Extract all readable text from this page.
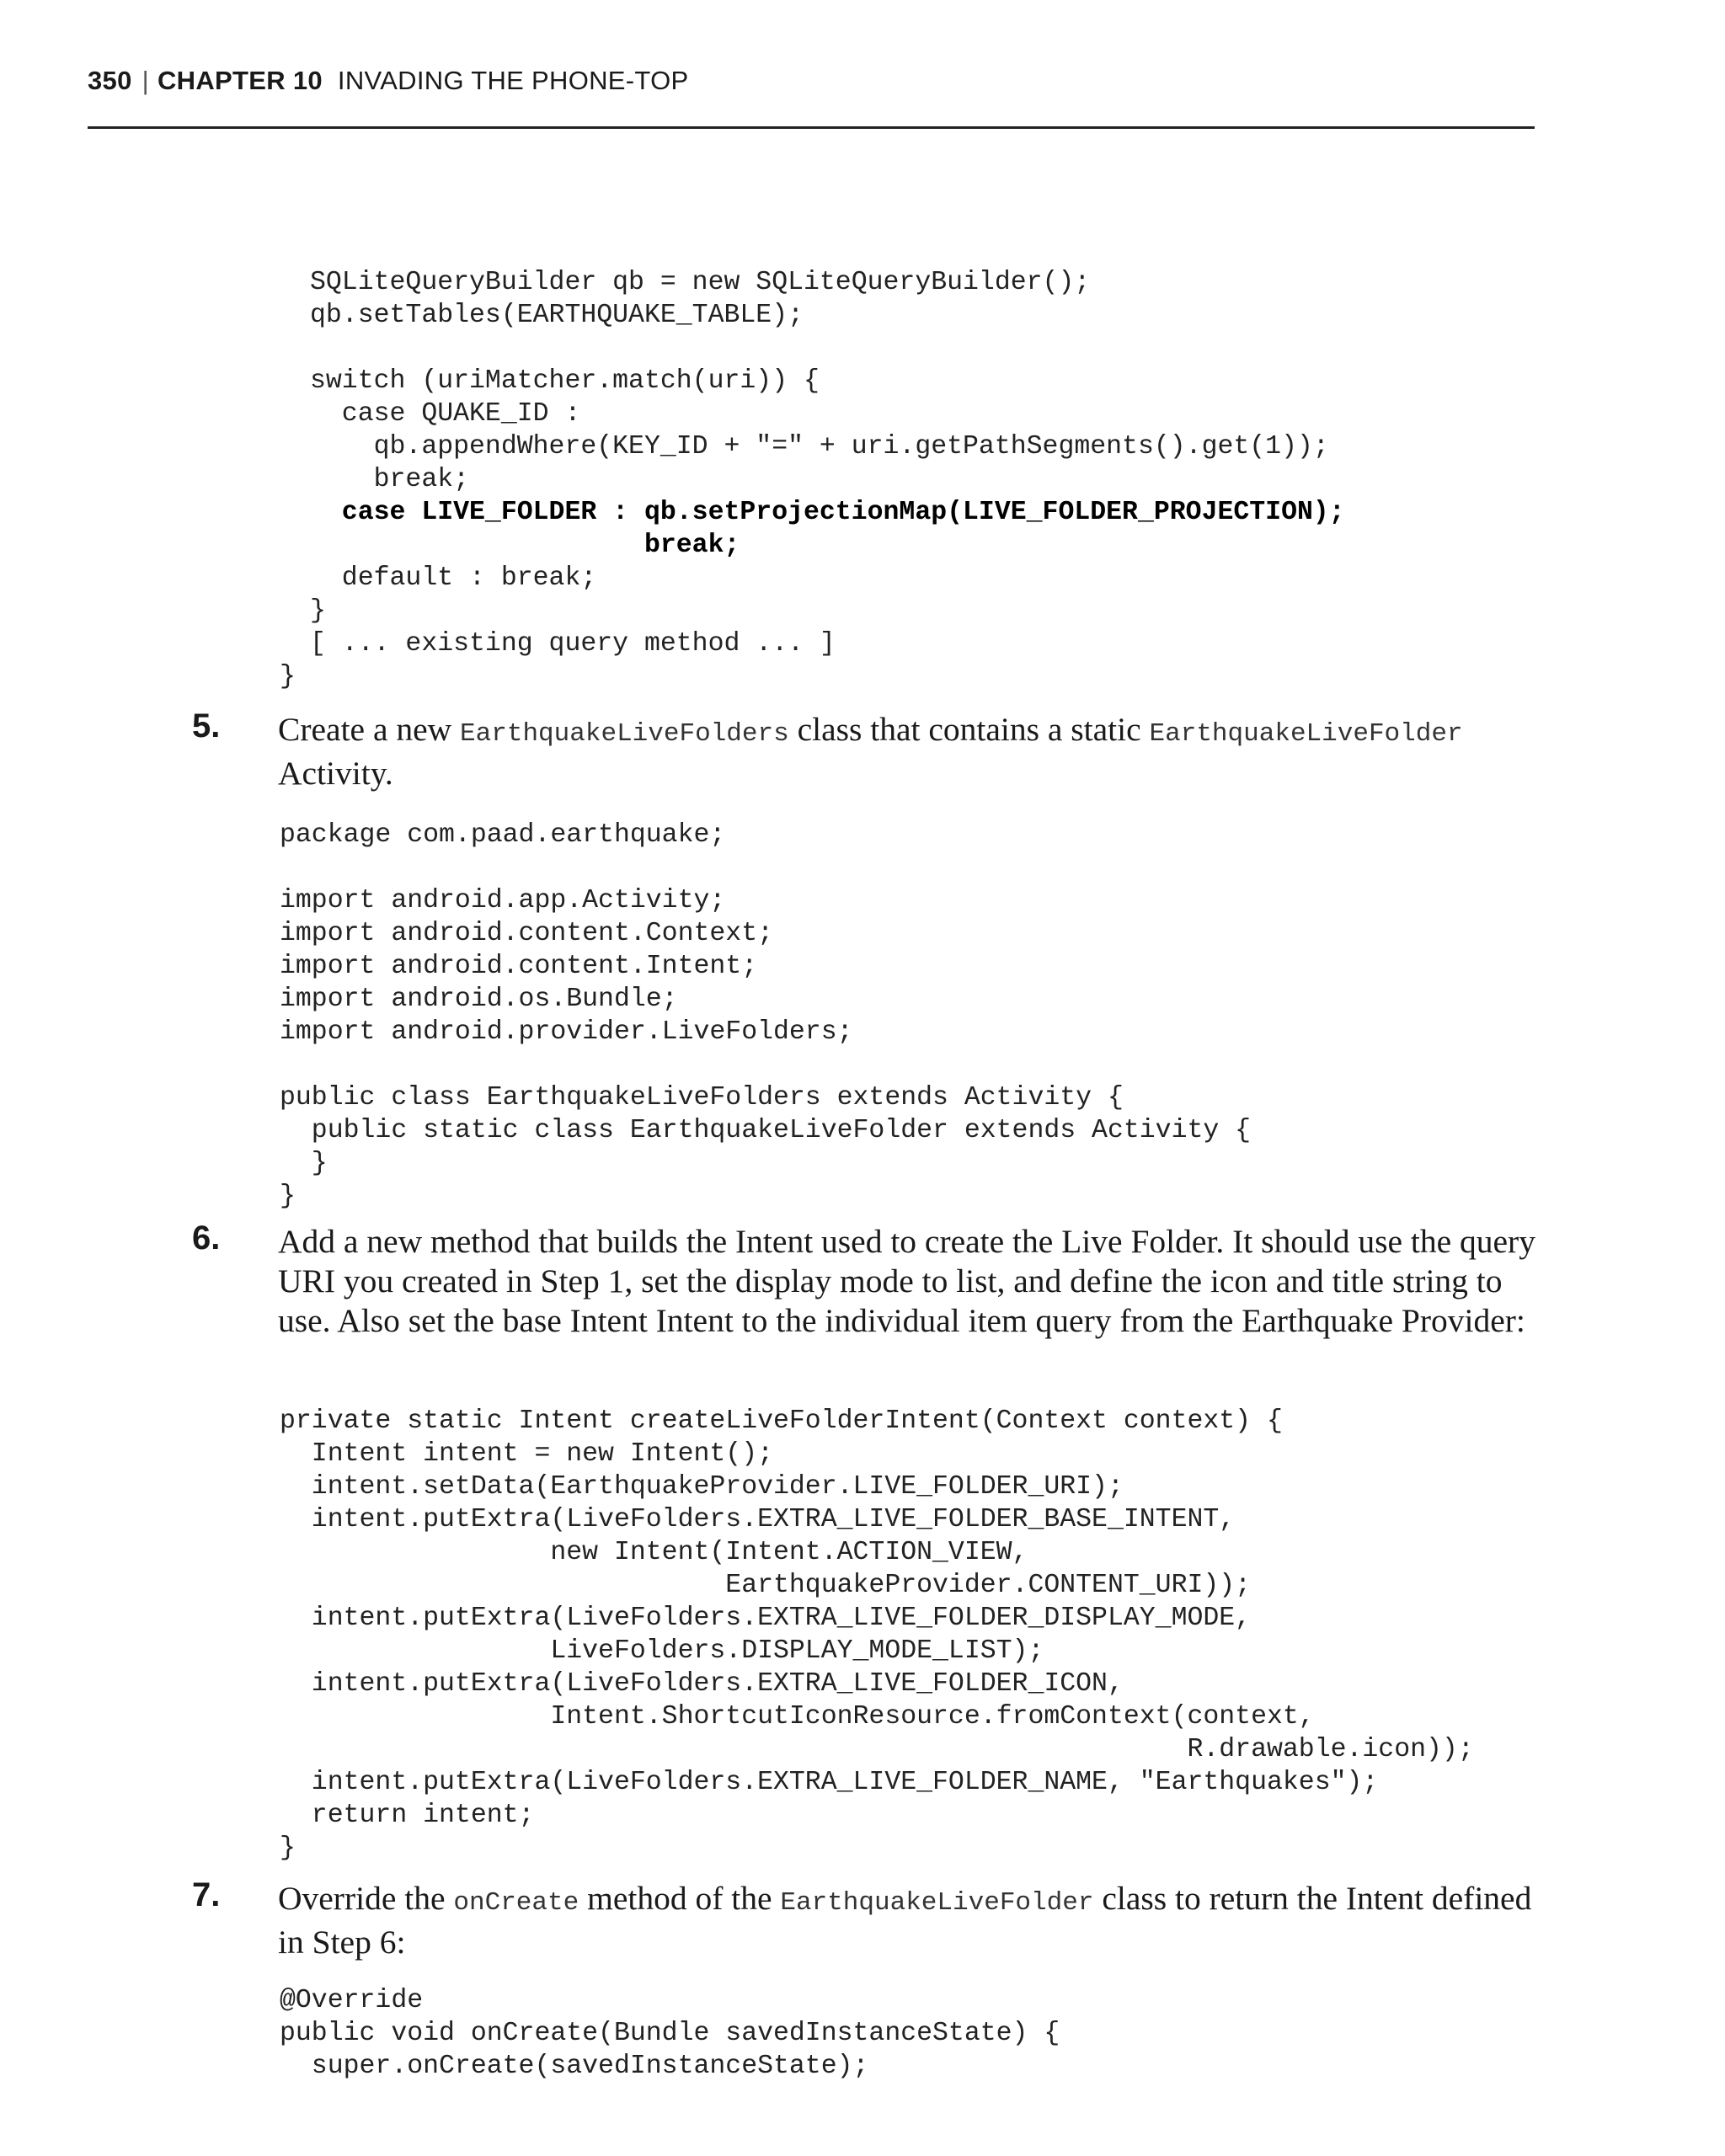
350 | CHAPTER 10 INVADING THE PHONE-TOP
SQLiteQueryBuilder qb = new SQLiteQueryBuilder();
qb.setTables(EARTHQUAKE_TABLE);

switch (uriMatcher.match(uri)) {
case QUAKE_ID :
qb.appendWhere(KEY_ID + "=" + uri.getPathSegments().get(1));
break;
case LIVE_FOLDER : qb.setProjectionMap(LIVE_FOLDER_PROJECTION);
break;
default : break;
}
[ ... existing query method ... ]
}
5. Create a new EarthquakeLiveFolders class that contains a static EarthquakeLiveFolder
Activity.
package com.paad.earthquake;

import android.app.Activity;
import android.content.Context;
import android.content.Intent;
import android.os.Bundle;
import android.provider.LiveFolders;

public class EarthquakeLiveFolders extends Activity {
public static class EarthquakeLiveFolder extends Activity {
}
}
6. Add a new method that builds the Intent used to create the Live Folder. It should use the query URI you created in Step 1, set the display mode to list, and define the icon and title string to use. Also set the base Intent Intent to the individual item query from the Earthquake Provider:
private static Intent createLiveFolderIntent(Context context) {
Intent intent = new Intent();
intent.setData(EarthquakeProvider.LIVE_FOLDER_URI);
intent.putExtra(LiveFolders.EXTRA_LIVE_FOLDER_BASE_INTENT,
new Intent(Intent.ACTION_VIEW,
EarthquakeProvider.CONTENT_URI));
intent.putExtra(LiveFolders.EXTRA_LIVE_FOLDER_DISPLAY_MODE,
LiveFolders.DISPLAY_MODE_LIST);
intent.putExtra(LiveFolders.EXTRA_LIVE_FOLDER_ICON,
Intent.ShortcutIconResource.fromContext(context,
R.drawable.icon));
intent.putExtra(LiveFolders.EXTRA_LIVE_FOLDER_NAME, "Earthquakes");
return intent;
}
7. Override the onCreate method of the EarthquakeLiveFolder class to return the Intent defined in Step 6:
@Override
public void onCreate(Bundle savedInstanceState) {
super.onCreate(savedInstanceState);
